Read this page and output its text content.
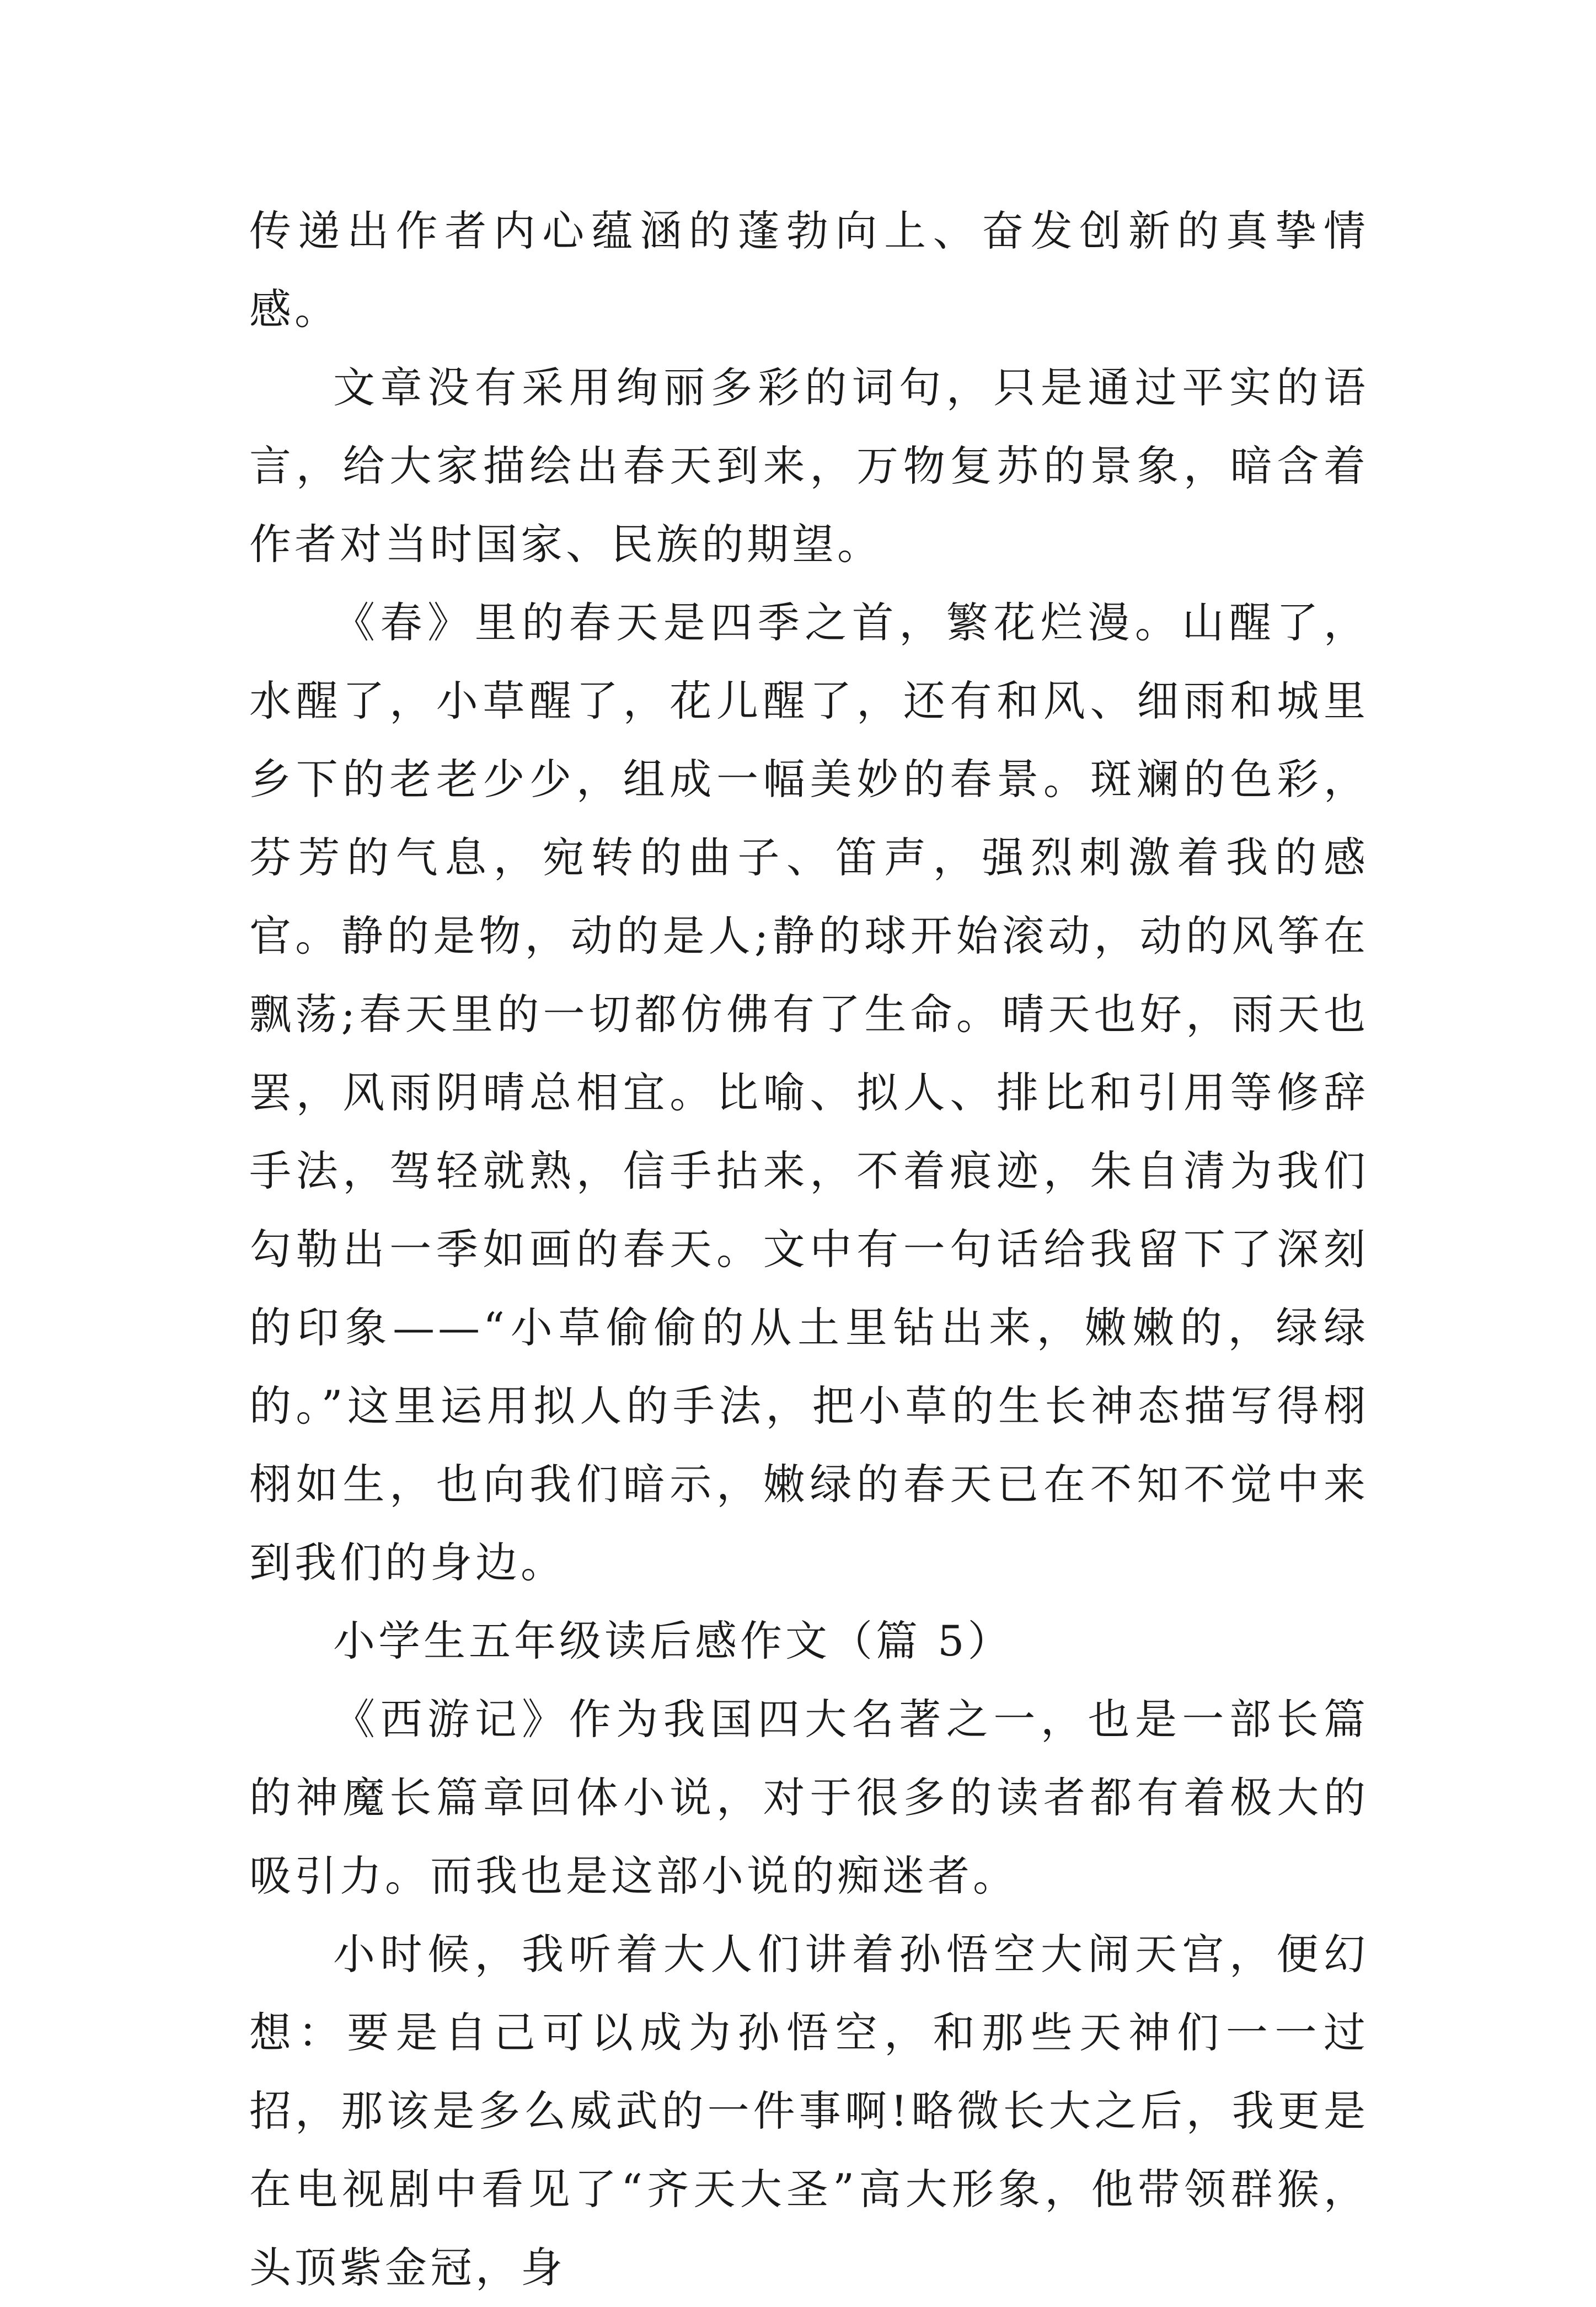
传递出作者内心蕴涵的蓬勃向上、奋发创新的真挚情感。

文章没有采用绚丽多彩的词句，只是通过平实的语言，给大家描绘出春天到来，万物复苏的景象，暗含着作者对当时国家、民族的期望。

《春》里的春天是四季之首，繁花烂漫。山醒了，水醒了，小草醒了，花儿醒了，还有和风、细雨和城里乡下的老老少少，组成一幅美妙的春景。斑斓的色彩，芬芳的气息，宛转的曲子、笛声，强烈刺激着我的感官。静的是物，动的是人;静的球开始滚动，动的风筝在飘荡;春天里的一切都仿佛有了生命。晴天也好，雨天也罢，风雨阴晴总相宜。比喻、拟人、排比和引用等修辞手法，驾轻就熟，信手拈来，不着痕迹，朱自清为我们勾勒出一季如画的春天。文中有一句话给我留下了深刻的印象——“小草偷偷的从土里钻出来，嫩嫩的，绿绿的。”这里运用拟人的手法，把小草的生长神态描写得栩栩如生，也向我们暗示，嫩绿的春天已在不知不觉中来到我们的身边。

小学生五年级读后感作文（篇 5）

《西游记》作为我国四大名著之一，也是一部长篇的神魔长篇章回体小说，对于很多的读者都有着极大的吸引力。而我也是这部小说的痴迷者。

小时候，我听着大人们讲着孙悟空大闹天宫，便幻想：要是自己可以成为孙悟空，和那些天神们一一过招，那该是多么威武的一件事啊!略微长大之后，我更是在电视剧中看见了“齐天大圣”高大形象，他带领群猴，头顶紫金冠，身
